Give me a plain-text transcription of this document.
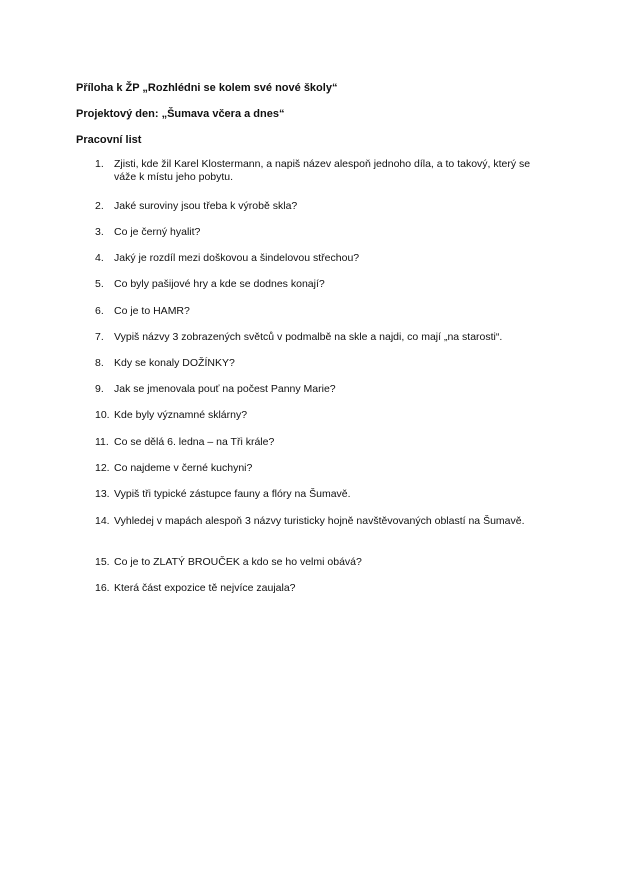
Příloha k ŽP „Rozhlédni se kolem své nové školy“
Projektový den: „Šumava včera a dnes“
Pracovní list
1. Zjisti, kde žil Karel Klostermann, a napiš název alespoň jednoho díla, a to takový, který se váže k místu jeho pobytu.
2. Jaké suroviny jsou třeba k výrobě skla?
3. Co je černý hyalit?
4. Jaký je rozdíl mezi doškovou a šindelovou střechou?
5. Co byly pašijové hry a kde se dodnes konají?
6. Co je to HAMR?
7. Vypiš názvy 3 zobrazených světců v podmalbě na skle a najdi, co mají „na starosti“.
8. Kdy se konaly DOŽÍNKY?
9. Jak se jmenovala pouť na počest Panny Marie?
10. Kde byly významné sklárny?
11. Co se dělá 6. ledna – na Tři krále?
12. Co najdeme v černé kuchyni?
13. Vypiš tři typické zástupce fauny a flóry na Šumavě.
14. Vyhledej v mapách alespoň 3 názvy turisticky hojně navštěvovaných oblastí na Šumavě.
15. Co je to ZLATÝ BROUČEK a kdo se ho velmi obává?
16. Která část expozice tě nejvíce zaujala?
